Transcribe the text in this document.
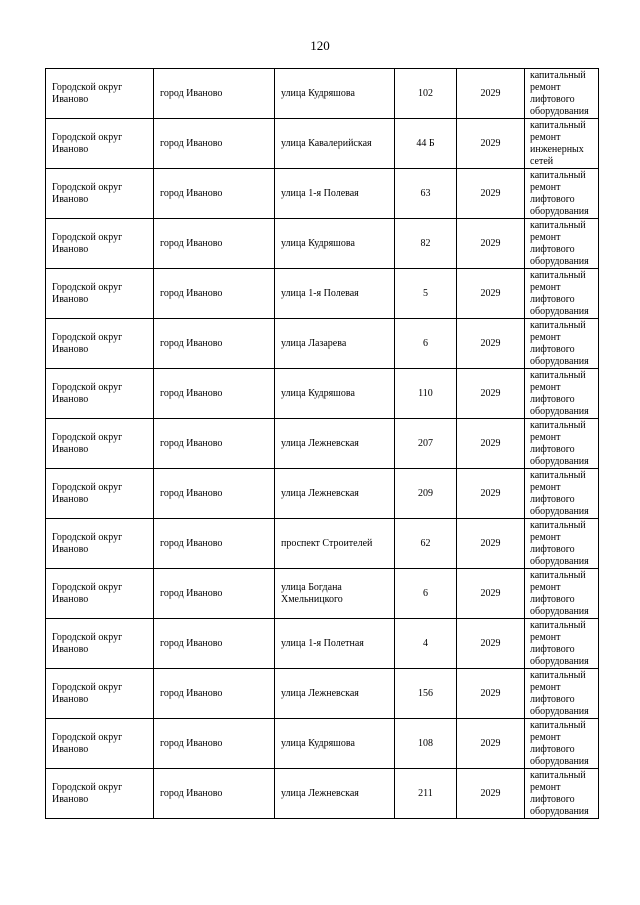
120
Городской округ Иваново	город Иваново	улица Кудряшова	102	2029	капитальный ремонт лифтового оборудования
Городской округ Иваново	город Иваново	улица Кавалерийская	44 Б	2029	капитальный ремонт инженерных сетей
Городской округ Иваново	город Иваново	улица 1-я Полевая	63	2029	капитальный ремонт лифтового оборудования
Городской округ Иваново	город Иваново	улица Кудряшова	82	2029	капитальный ремонт лифтового оборудования
Городской округ Иваново	город Иваново	улица 1-я Полевая	5	2029	капитальный ремонт лифтового оборудования
Городской округ Иваново	город Иваново	улица Лазарева	6	2029	капитальный ремонт лифтового оборудования
Городской округ Иваново	город Иваново	улица Кудряшова	110	2029	капитальный ремонт лифтового оборудования
Городской округ Иваново	город Иваново	улица Лежневская	207	2029	капитальный ремонт лифтового оборудования
Городской округ Иваново	город Иваново	улица Лежневская	209	2029	капитальный ремонт лифтового оборудования
Городской округ Иваново	город Иваново	проспект Строителей	62	2029	капитальный ремонт лифтового оборудования
Городской округ Иваново	город Иваново	улица Богдана Хмельницкого	6	2029	капитальный ремонт лифтового оборудования
Городской округ Иваново	город Иваново	улица 1-я Полетная	4	2029	капитальный ремонт лифтового оборудования
Городской округ Иваново	город Иваново	улица Лежневская	156	2029	капитальный ремонт лифтового оборудования
Городской округ Иваново	город Иваново	улица Кудряшова	108	2029	капитальный ремонт лифтового оборудования
Городской округ Иваново	город Иваново	улица Лежневская	211	2029	капитальный ремонт лифтового оборудования
